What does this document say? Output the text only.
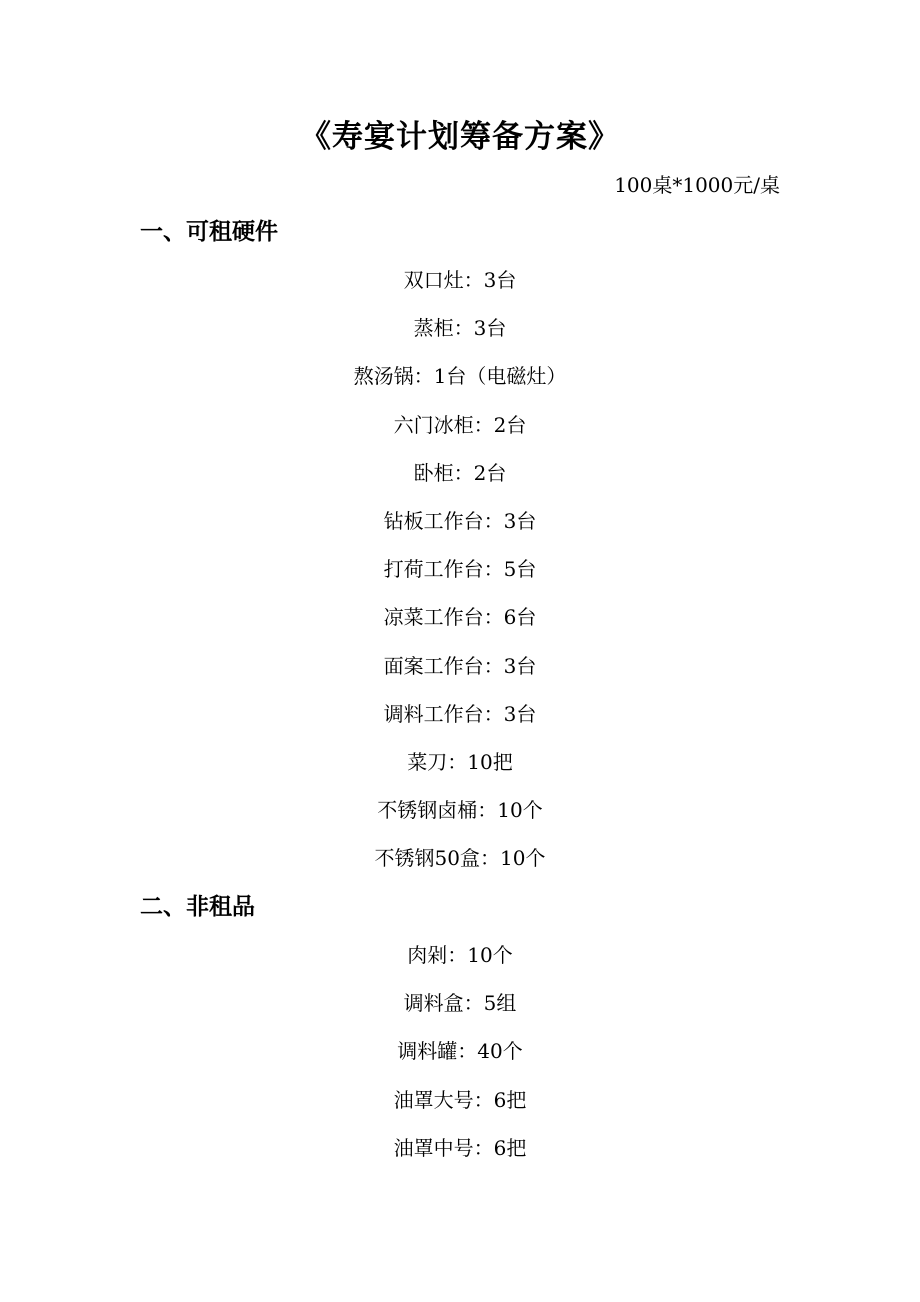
《寿宴计划筹备方案》
100桌*1000元/桌
一、可租硬件
双口灶：3台
蒸柜：3台
熬汤锅：1台（电磁灶）
六门冰柜：2台
卧柜：2台
钻板工作台：3台
打荷工作台：5台
凉菜工作台：6台
面案工作台：3台
调料工作台：3台
菜刀：10把
不锈钢卤桶：10个
不锈钢50盒：10个
二、非租品
肉剁：10个
调料盒：5组
调料罐：40个
油罩大号：6把
油罩中号：6把
